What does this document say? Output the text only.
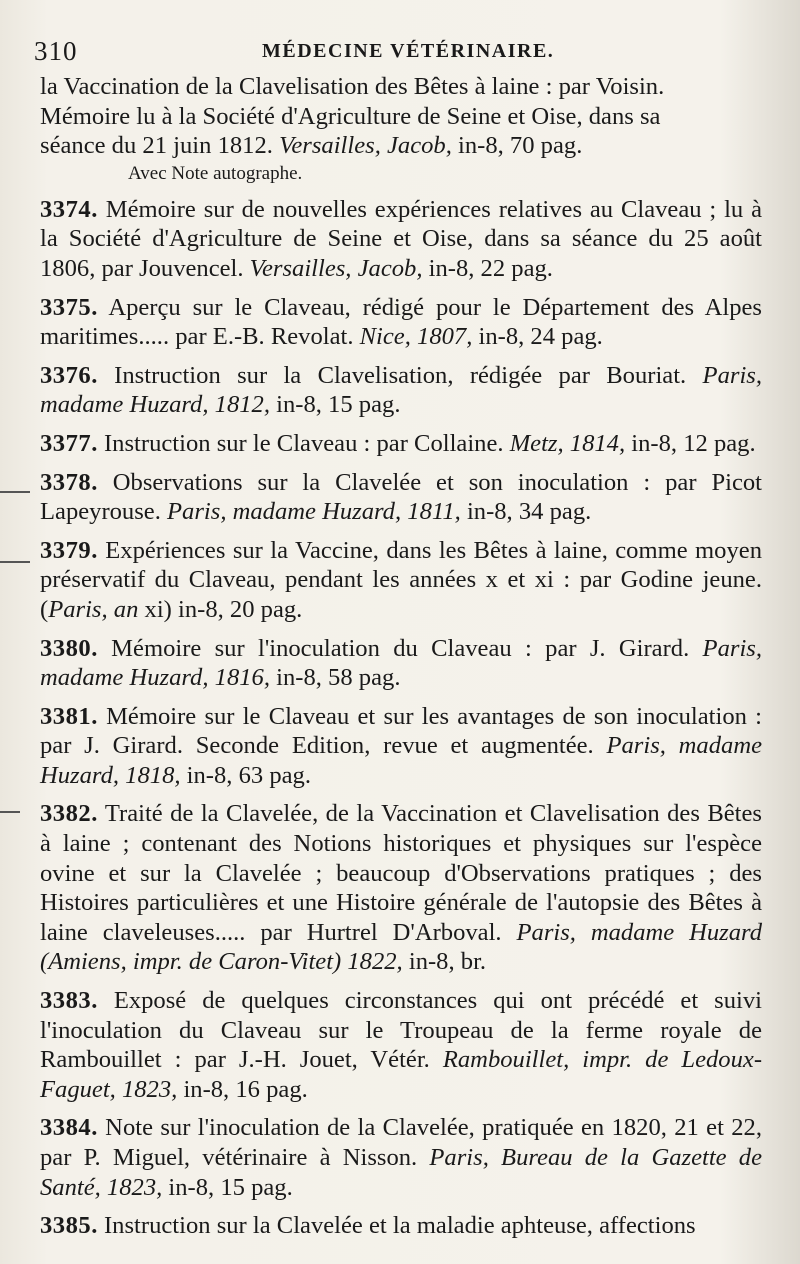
310	MÉDECINE VÉTÉRINAIRE.
la Vaccination de la Clavelisation des Bêtes à laine : par Voisin.
Mémoire lu à la Société d'Agriculture de Seine et Oise, dans sa
séance du 21 juin 1812. Versailles, Jacob, in-8, 70 pag.
Avec Note autographe.
3374. Mémoire sur de nouvelles expériences relatives au Claveau ; lu à la Société d'Agriculture de Seine et Oise, dans sa séance du 25 août 1806, par Jouvencel. Versailles, Jacob, in-8, 22 pag.
3375. Aperçu sur le Claveau, rédigé pour le Département des Alpes maritimes..... par E.-B. Revolat. Nice, 1807, in-8, 24 pag.
3376. Instruction sur la Clavelisation, rédigée par Bouriat. Paris, madame Huzard, 1812, in-8, 15 pag.
3377. Instruction sur le Claveau : par Collaine. Metz, 1814, in-8, 12 pag.
3378. Observations sur la Clavelée et son inoculation : par Picot Lapeyrouse. Paris, madame Huzard, 1811, in-8, 34 pag.
3379. Expériences sur la Vaccine, dans les Bêtes à laine, comme moyen préservatif du Claveau, pendant les années x et xi : par Godine jeune. (Paris, an xi) in-8, 20 pag.
3380. Mémoire sur l'inoculation du Claveau : par J. Girard. Paris, madame Huzard, 1816, in-8, 58 pag.
3381. Mémoire sur le Claveau et sur les avantages de son inoculation : par J. Girard. Seconde Edition, revue et augmentée. Paris, madame Huzard, 1818, in-8, 63 pag.
3382. Traité de la Clavelée, de la Vaccination et Clavelisation des Bêtes à laine ; contenant des Notions historiques et physiques sur l'espèce ovine et sur la Clavelée ; beaucoup d'Observations pratiques ; des Histoires particulières et une Histoire générale de l'autopsie des Bêtes à laine claveleuses..... par Hurtrel D'Arboval. Paris, madame Huzard (Amiens, impr. de Caron-Vitet) 1822, in-8, br.
3383. Exposé de quelques circonstances qui ont précédé et suivi l'inoculation du Claveau sur le Troupeau de la ferme royale de Rambouillet : par J.-H. Jouet, Vétér. Rambouillet, impr. de Ledoux-Faguet, 1823, in-8, 16 pag.
3384. Note sur l'inoculation de la Clavelée, pratiquée en 1820, 21 et 22, par P. Miguel, vétérinaire à Nisson. Paris, Bureau de la Gazette de Santé, 1823, in-8, 15 pag.
3385. Instruction sur la Clavelée et la maladie aphteuse, affections
